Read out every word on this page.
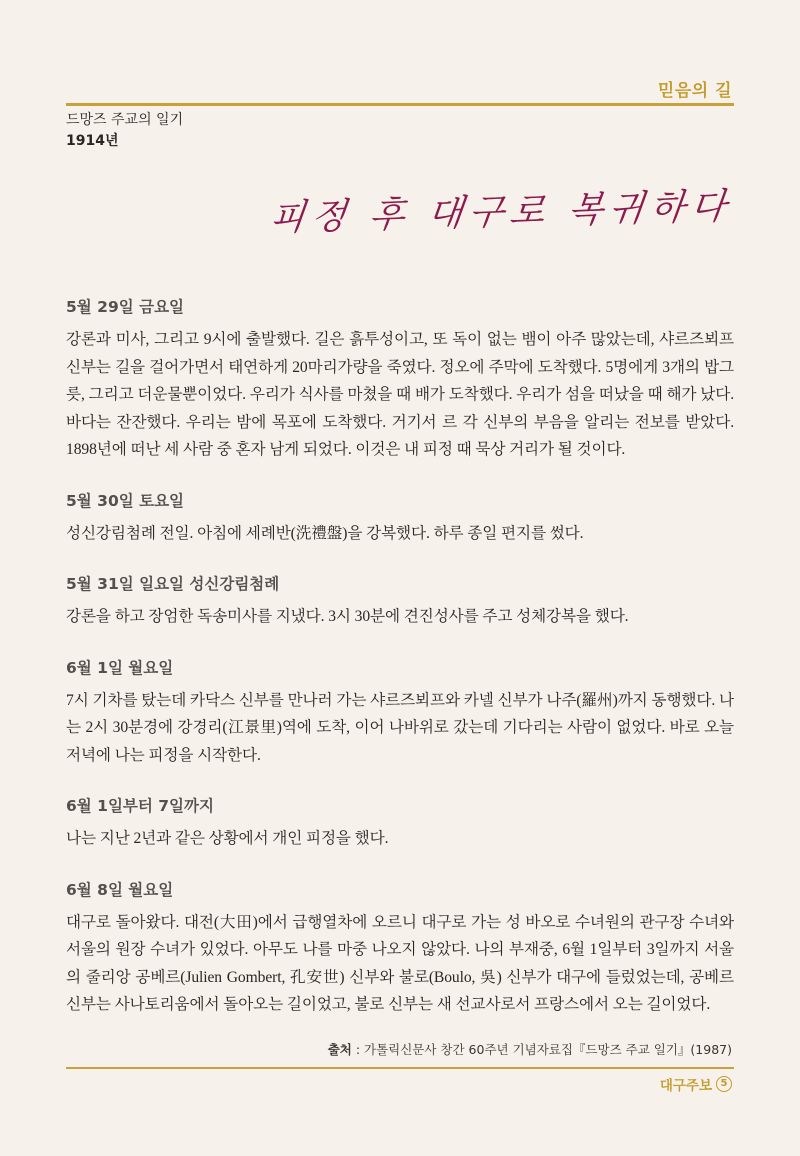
믿음의 길
드망즈 주교의 일기
1914년
피정 후 대구로 복귀하다
5월 29일 금요일

강론과 미사, 그리고 9시에 출발했다. 길은 흙투성이고, 또 독이 없는 뱀이 아주 많았는데, 샤르즈뵈프 신부는 길을 걸어가면서 태연하게 20마리가량을 죽였다. 정오에 주막에 도착했다. 5명에게 3개의 밥그릇, 그리고 더운물뿐이었다. 우리가 식사를 마쳤을 때 배가 도착했다. 우리가 섬을 떠났을 때 해가 났다. 바다는 잔잔했다. 우리는 밤에 목포에 도착했다. 거기서 르 각 신부의 부음을 알리는 전보를 받았다. 1898년에 떠난 세 사람 중 혼자 남게 되었다. 이것은 내 피정 때 묵상 거리가 될 것이다.

5월 30일 토요일

성신강림첨례 전일. 아침에 세례반(洗禮盤)을 강복했다. 하루 종일 편지를 썼다.

5월 31일 일요일 성신강림첨례

강론을 하고 장엄한 독송미사를 지냈다. 3시 30분에 견진성사를 주고 성체강복을 했다.

6월 1일 월요일

7시 기차를 탔는데 카닥스 신부를 만나러 가는 샤르즈뵈프와 카넬 신부가 나주(羅州)까지 동행했다. 나는 2시 30분경에 강경리(江景里)역에 도착, 이어 나바위로 갔는데 기다리는 사람이 없었다. 바로 오늘 저녁에 나는 피정을 시작한다.

6월 1일부터 7일까지

나는 지난 2년과 같은 상황에서 개인 피정을 했다.

6월 8일 월요일

대구로 돌아왔다. 대전(大田)에서 급행열차에 오르니 대구로 가는 성 바오로 수녀원의 관구장 수녀와 서울의 원장 수녀가 있었다. 아무도 나를 마중 나오지 않았다. 나의 부재중, 6월 1일부터 3일까지 서울의 줄리앙 공베르(Julien Gombert, 孔安世) 신부와 불로(Boulo, 吳) 신부가 대구에 들렀었는데, 공베르 신부는 사나토리움에서 돌아오는 길이었고, 불로 신부는 새 선교사로서 프랑스에서 오는 길이었다.

출처 : 가톨릭신문사 창간 60주년 기념자료집『드망즈 주교 일기』(1987)
대구주보 5
